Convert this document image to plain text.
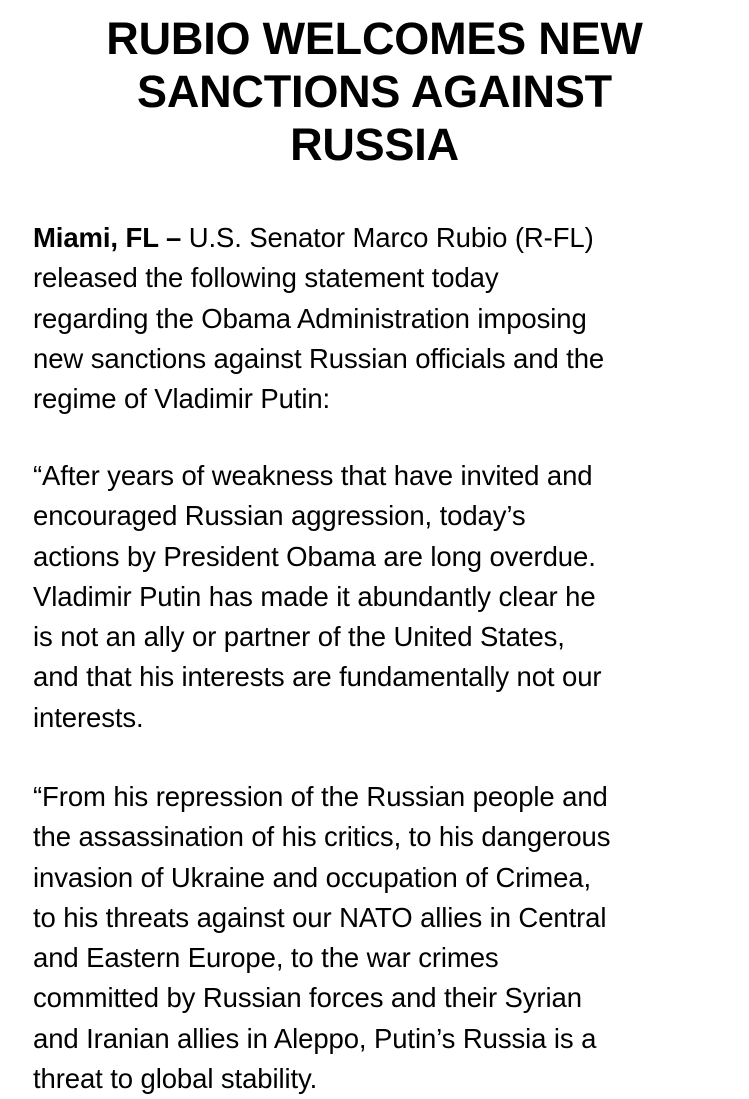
RUBIO WELCOMES NEW
SANCTIONS AGAINST
RUSSIA

Miami, FL – U.S. Senator Marco Rubio (R-FL)
released the following statement today
regarding the Obama Administration imposing
new sanctions against Russian officials and the
regime of Vladimir Putin:

“After years of weakness that have invited and
encouraged Russian aggression, today’s
actions by President Obama are long overdue.
Vladimir Putin has made it abundantly clear he
is not an ally or partner of the United States,
and that his interests are fundamentally not our
interests.

“From his repression of the Russian people and
the assassination of his critics, to his dangerous
invasion of Ukraine and occupation of Crimea,
to his threats against our NATO allies in Central
and Eastern Europe, to the war crimes
committed by Russian forces and their Syrian
and Iranian allies in Aleppo, Putin’s Russia is a
threat to global stability.
